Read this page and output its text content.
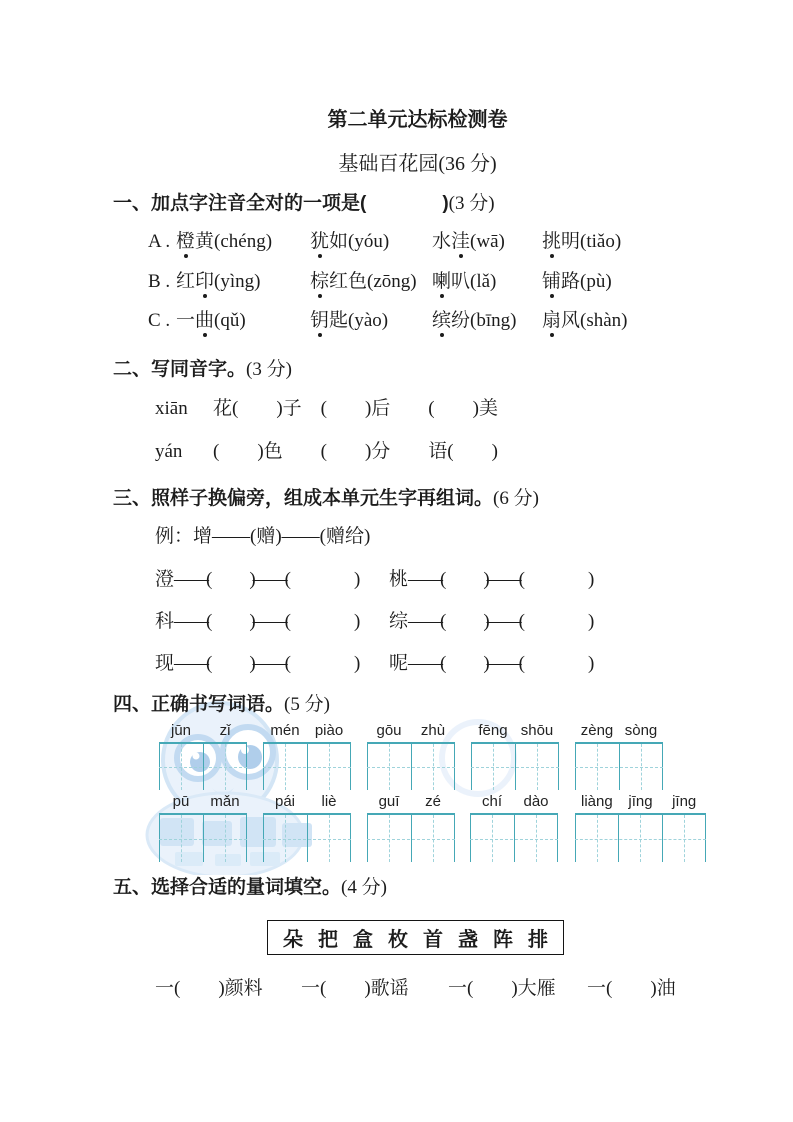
第二单元达标检测卷
基础百花园(36 分)
一、加点字注音全对的一项是(　　　　)(3 分)
A . 橙黄(chéng) 犹如(yóu) 水洼(wā) 挑明(tiǎo)
B . 红印(yìng)	棕红色(zōng) 喇叭(lǎ) 铺路(pù)
C . 一曲(qǔ)	钥匙(yào) 缤纷(bīng) 扇风(shàn)
二、写同音字。(3 分)
xiān 花(　　)子　(　　)后　　(　　)美
yán (　　)色　　(　　)分　　语(　　)
三、照样子换偏旁，组成本单元生字再组词。(6 分)
例：增——(赠)——(赠给)
澄——( )——(	) 桃——( )——(	)
科——( )——(	) 综——( )——(	)
现——( )——(	) 呢——( )——(	)
四、正确书写词语。(5 分)
jūn	zǐ	mén	piào	gōu	zhù	fēng shōu	zèng sòng
pū	mǎn	pái	liè	guī	zé	chí	dào	liàng	jīng	jīng
五、选择合适的量词填空。(4 分)
朵 把 盒 枚 首 盏 阵 排
一(　　)颜料 一(　　)歌谣 一(　　)大雁 一(　　)油
